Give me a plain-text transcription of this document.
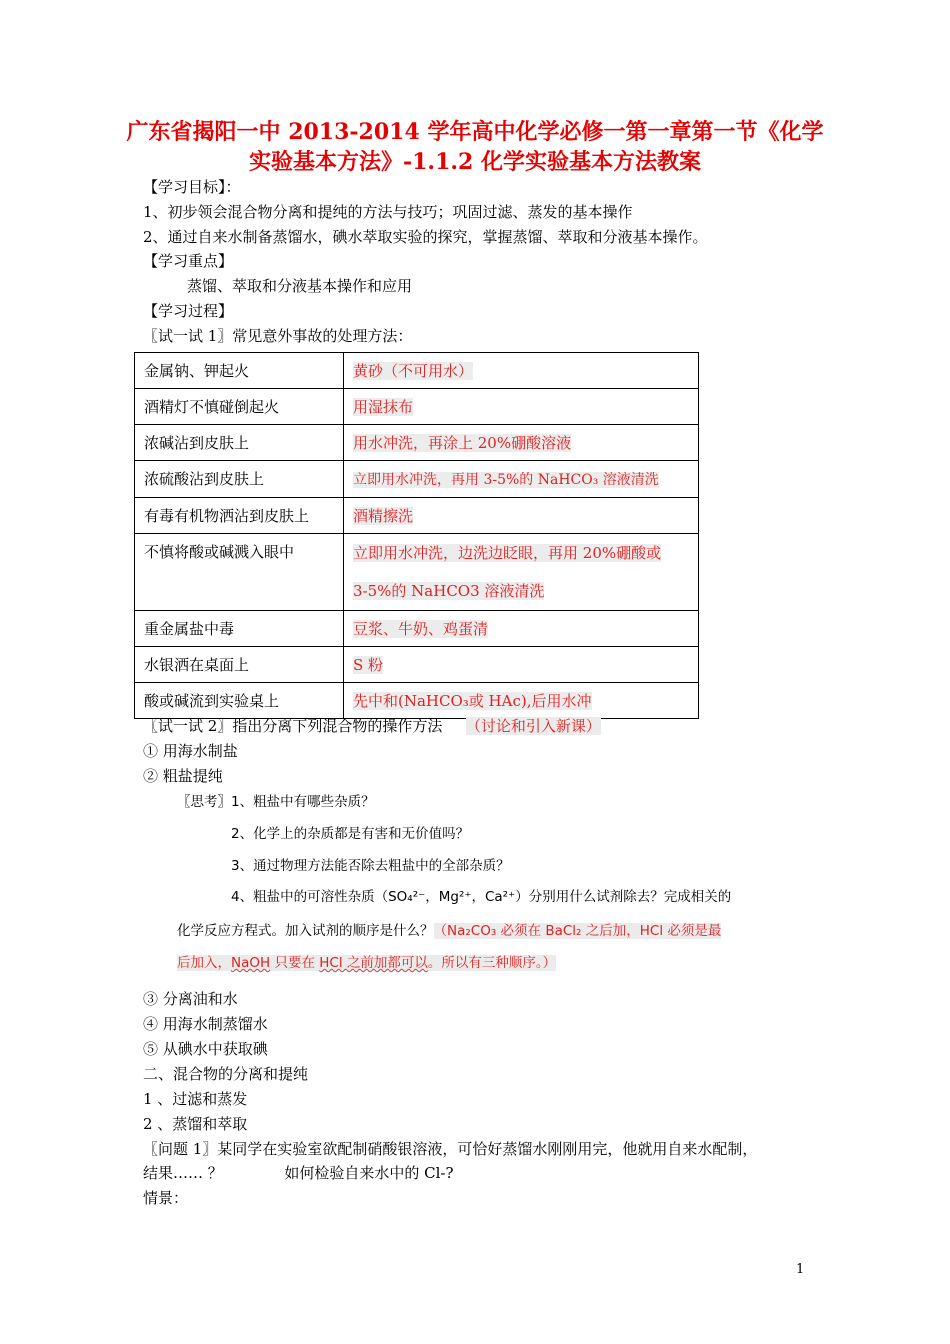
广东省揭阳一中 2013-2014 学年高中化学必修一第一章第一节《化学
实验基本方法》-1.1.2 化学实验基本方法教案
【学习目标】：
1、初步领会混合物分离和提纯的方法与技巧；巩固过滤、蒸发的基本操作
2、通过自来水制备蒸馏水，碘水萃取实验的探究，掌握蒸馏、萃取和分液基本操作。
【学习重点】
蒸馏、萃取和分液基本操作和应用
【学习过程】
〖试一试 1〗常见意外事故的处理方法：
金属钠、钾起火	黄砂（不可用水）

酒精灯不慎碰倒起火	用湿抹布

浓碱沾到皮肤上	用水冲洗，再涂上 20%硼酸溶液

浓硫酸沾到皮肤上	立即用水冲洗，再用 3-5%的 NaHCO₃ 溶液清洗

有毒有机物洒沾到皮肤上	酒精擦洗

不慎将酸或碱溅入眼中	立即用水冲洗，边洗边眨眼，再用 20%硼酸或
3-5%的 NaHCO3 溶液清洗

重金属盐中毒	豆浆、牛奶、鸡蛋清

水银洒在桌面上	S 粉

酸或碱流到实验桌上	先中和(NaHCO₃或 HAc),后用水冲
〖试一试 2〗指出分离下列混合物的操作方法 （讨论和引入新课）
① 用海水制盐
② 粗盐提纯
〖思考〗1、粗盐中有哪些杂质？
2、化学上的杂质都是有害和无价值吗？
3、通过物理方法能否除去粗盐中的全部杂质？
4、粗盐中的可溶性杂质（SO₄²⁻，Mg²⁺，Ca²⁺）分别用什么试剂除去？完成相关的
化学反应方程式。加入试剂的顺序是什么？（Na₂CO₃ 必须在 BaCl₂ 之后加，HCl 必须是最
后加入，NaOH 只要在 HCl 之前加都可以。所以有三种顺序。）
③ 分离油和水
④ 用海水制蒸馏水
⑤ 从碘水中获取碘
二、混合物的分离和提纯
1 、过滤和蒸发
2 、蒸馏和萃取
〖问题 1〗某同学在实验室欲配制硝酸银溶液，可恰好蒸馏水刚刚用完，他就用自来水配制，
结果…… ？	如何检验自来水中的 Cl-?
情景：
1
